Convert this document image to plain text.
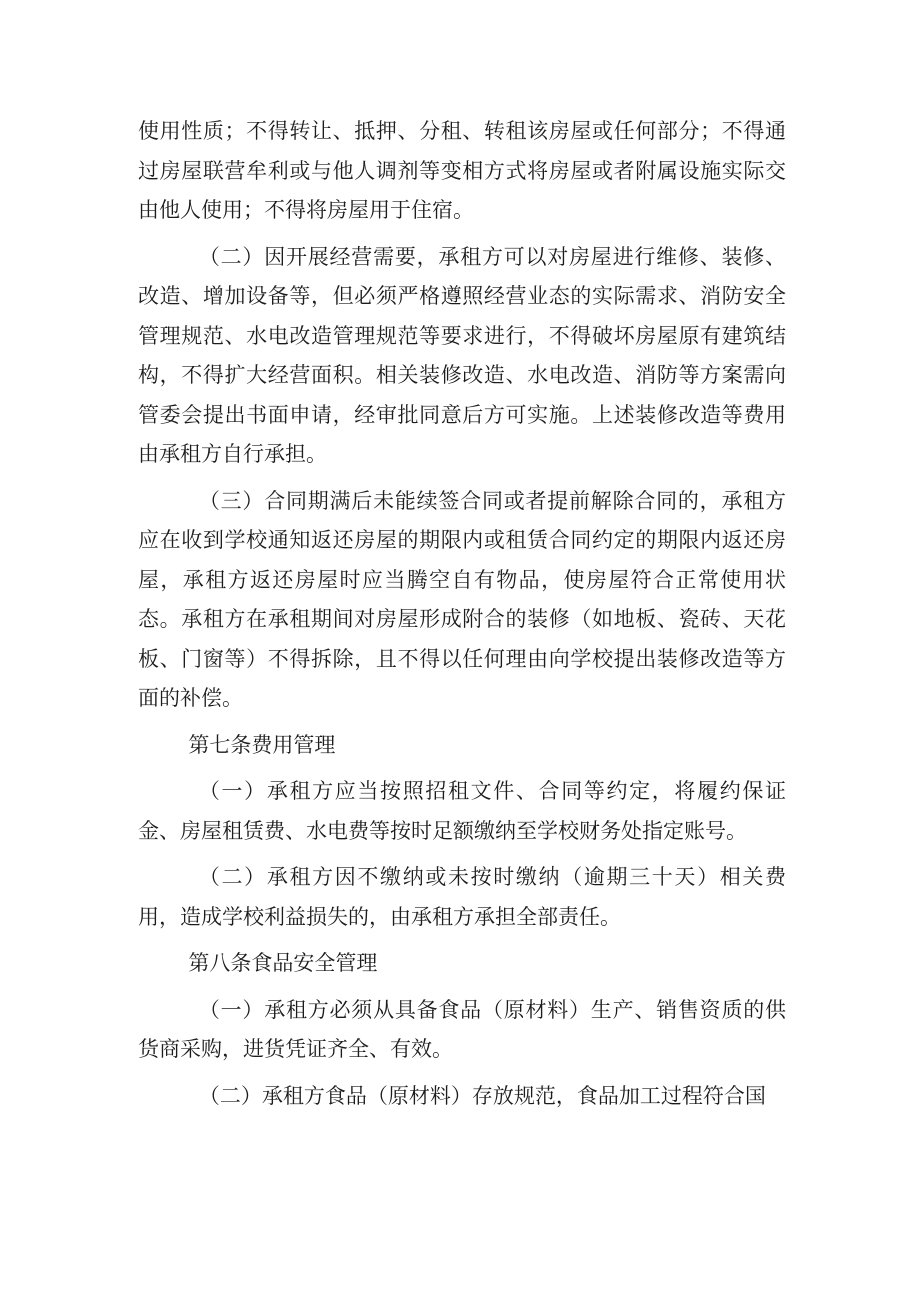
使用性质；不得转让、抵押、分租、转租该房屋或任何部分；不得通过房屋联营牟利或与他人调剂等变相方式将房屋或者附属设施实际交由他人使用；不得将房屋用于住宿。

（二）因开展经营需要，承租方可以对房屋进行维修、装修、改造、增加设备等，但必须严格遵照经营业态的实际需求、消防安全管理规范、水电改造管理规范等要求进行，不得破坏房屋原有建筑结构，不得扩大经营面积。相关装修改造、水电改造、消防等方案需向管委会提出书面申请，经审批同意后方可实施。上述装修改造等费用由承租方自行承担。

（三）合同期满后未能续签合同或者提前解除合同的，承租方应在收到学校通知返还房屋的期限内或租赁合同约定的期限内返还房屋，承租方返还房屋时应当腾空自有物品，使房屋符合正常使用状态。承租方在承租期间对房屋形成附合的装修（如地板、瓷砖、天花板、门窗等）不得拆除，且不得以任何理由向学校提出装修改造等方面的补偿。

第七条费用管理

（一）承租方应当按照招租文件、合同等约定，将履约保证金、房屋租赁费、水电费等按时足额缴纳至学校财务处指定账号。

（二）承租方因不缴纳或未按时缴纳（逾期三十天）相关费用，造成学校利益损失的，由承租方承担全部责任。

第八条食品安全管理

（一）承租方必须从具备食品（原材料）生产、销售资质的供货商采购，进货凭证齐全、有效。

（二）承租方食品（原材料）存放规范，食品加工过程符合国
